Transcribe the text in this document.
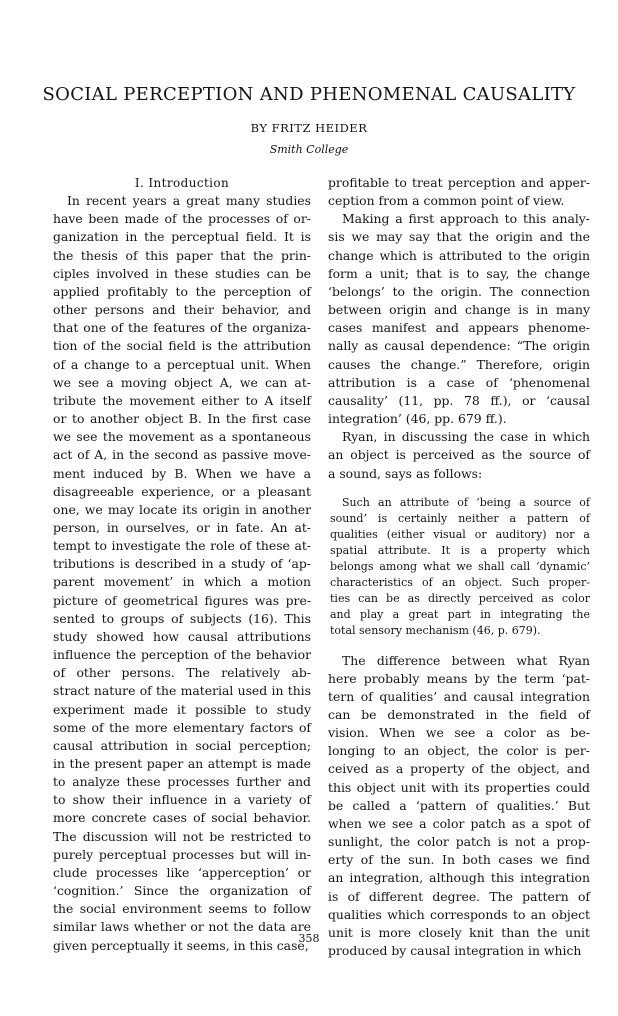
SOCIAL PERCEPTION AND PHENOMENAL CAUSALITY
BY FRITZ HEIDER
Smith College
I. Introduction
In recent years a great many studies
have been made of the processes of or-
ganization in the perceptual field. It is
the thesis of this paper that the prin-
ciples involved in these studies can be
applied profitably to the perception of
other persons and their behavior, and
that one of the features of the organiza-
tion of the social field is the attribution
of a change to a perceptual unit. When
we see a moving object A, we can at-
tribute the movement either to A itself
or to another object B. In the first case
we see the movement as a spontaneous
act of A, in the second as passive move-
ment induced by B. When we have a
disagreeable experience, or a pleasant
one, we may locate its origin in another
person, in ourselves, or in fate. An at-
tempt to investigate the role of these at-
tributions is described in a study of ‘ap-
parent movement’ in which a motion
picture of geometrical figures was pre-
sented to groups of subjects (16). This
study showed how causal attributions
influence the perception of the behavior
of other persons. The relatively ab-
stract nature of the material used in this
experiment made it possible to study
some of the more elementary factors of
causal attribution in social perception;
in the present paper an attempt is made
to analyze these processes further and
to show their influence in a variety of
more concrete cases of social behavior.
The discussion will not be restricted to
purely perceptual processes but will in-
clude processes like ‘apperception’ or
‘cognition.’ Since the organization of
the social environment seems to follow
similar laws whether or not the data are
given perceptually it seems, in this case,
profitable to treat perception and apper-
ception from a common point of view.
Making a first approach to this analy-
sis we may say that the origin and the
change which is attributed to the origin
form a unit; that is to say, the change
‘belongs’ to the origin. The connection
between origin and change is in many
cases manifest and appears phenome-
nally as causal dependence: “The origin
causes the change.” Therefore, origin
attribution is a case of ‘phenomenal
causality’ (11, pp. 78 ff.), or ‘causal
integration’ (46, pp. 679 ff.).
Ryan, in discussing the case in which
an object is perceived as the source of
a sound, says as follows:
Such an attribute of ‘being a source of
sound’ is certainly neither a pattern of
qualities (either visual or auditory) nor a
spatial attribute. It is a property which
belongs among what we shall call ‘dynamic’
characteristics of an object. Such proper-
ties can be as directly perceived as color
and play a great part in integrating the
total sensory mechanism (46, p. 679).
The difference between what Ryan
here probably means by the term ‘pat-
tern of qualities’ and causal integration
can be demonstrated in the field of
vision. When we see a color as be-
longing to an object, the color is per-
ceived as a property of the object, and
this object unit with its properties could
be called a ‘pattern of qualities.’ But
when we see a color patch as a spot of
sunlight, the color patch is not a prop-
erty of the sun. In both cases we find
an integration, although this integration
is of different degree. The pattern of
qualities which corresponds to an object
unit is more closely knit than the unit
produced by causal integration in which
358
